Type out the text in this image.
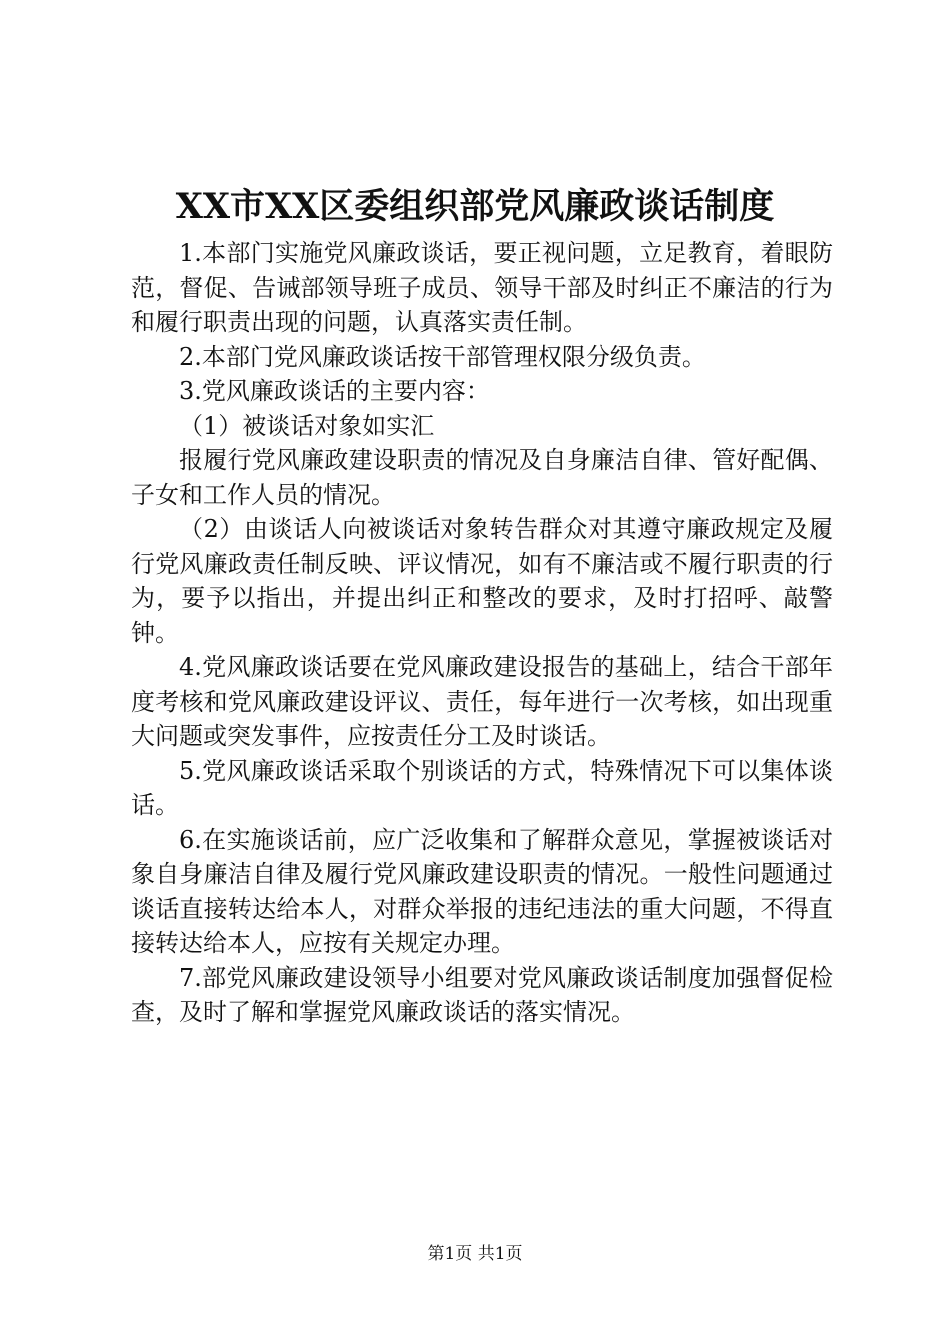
XX市XX区委组织部党风廉政谈话制度

1.本部门实施党风廉政谈话，要正视问题，立足教育，着眼防范，督促、告诫部领导班子成员、领导干部及时纠正不廉洁的行为和履行职责出现的问题，认真落实责任制。

2.本部门党风廉政谈话按干部管理权限分级负责。

3.党风廉政谈话的主要内容：

（1）被谈话对象如实汇

报履行党风廉政建设职责的情况及自身廉洁自律、管好配偶、子女和工作人员的情况。

（2）由谈话人向被谈话对象转告群众对其遵守廉政规定及履行党风廉政责任制反映、评议情况，如有不廉洁或不履行职责的行为，要予以指出，并提出纠正和整改的要求，及时打招呼、敲警钟。

4.党风廉政谈话要在党风廉政建设报告的基础上，结合干部年度考核和党风廉政建设评议、责任，每年进行一次考核，如出现重大问题或突发事件，应按责任分工及时谈话。

5.党风廉政谈话采取个别谈话的方式，特殊情况下可以集体谈话。

6.在实施谈话前，应广泛收集和了解群众意见，掌握被谈话对象自身廉洁自律及履行党风廉政建设职责的情况。一般性问题通过谈话直接转达给本人，对群众举报的违纪违法的重大问题，不得直接转达给本人，应按有关规定办理。

7.部党风廉政建设领导小组要对党风廉政谈话制度加强督促检查，及时了解和掌握党风廉政谈话的落实情况。

第1页 共1页
